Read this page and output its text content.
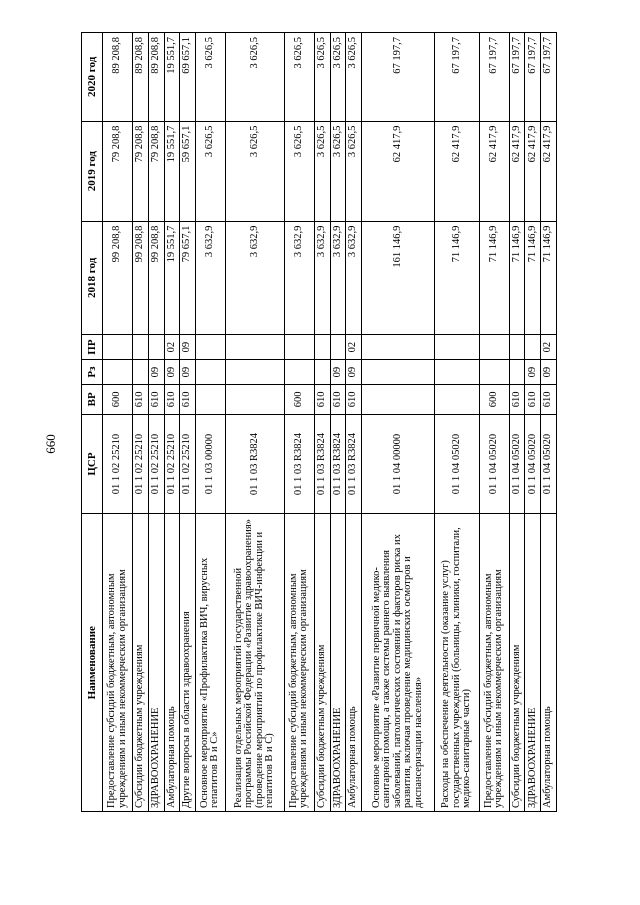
660
Наименование	ЦСР	ВР	Рз	ПР	2018 год	2019 год	2020 год
Предоставление субсидий бюджетным, автономным учреждениям и иным некоммерческим организациям	01 1 02 25210	600			99 208,8	79 208,8	89 208,8
Субсидии бюджетным учреждениям	01 1 02 25210	610			99 208,8	79 208,8	89 208,8
ЗДРАВООХРАНЕНИЕ	01 1 02 25210	610	09		99 208,8	79 208,8	89 208,8
Амбулаторная помощь	01 1 02 25210	610	09	02	19 551,7	19 551,7	19 551,7
Другие вопросы в области здравоохранения	01 1 02 25210	610	09	09	79 657,1	59 657,1	69 657,1
Основное мероприятие «Профилактика ВИЧ, вирусных гепатитов В и С»	01 1 03 00000				3 632,9	3 626,5	3 626,5
Реализация отдельных мероприятий государственной программы Российской Федерации «Развитие здравоохранения» (проведение мероприятий по профилактике ВИЧ-инфекции и гепатитов В и С)	01 1 03 R3824				3 632,9	3 626,5	3 626,5
Предоставление субсидий бюджетным, автономным учреждениям и иным некоммерческим организациям	01 1 03 R3824	600			3 632,9	3 626,5	3 626,5
Субсидии бюджетным учреждениям	01 1 03 R3824	610			3 632,9	3 626,5	3 626,5
ЗДРАВООХРАНЕНИЕ	01 1 03 R3824	610	09		3 632,9	3 626,5	3 626,5
Амбулаторная помощь	01 1 03 R3824	610	09	02	3 632,9	3 626,5	3 626,5
Основное мероприятие «Развитие первичной медико-санитарной помощи, а также системы раннего выявления заболеваний, патологических состояний и факторов риска их развития, включая проведение медицинских осмотров и диспансеризации населения»	01 1 04 00000				161 146,9	62 417,9	67 197,7
Расходы на обеспечение деятельности (оказание услуг) государственных учреждений (больницы, клиники, госпитали, медико-санитарные части)	01 1 04 05020				71 146,9	62 417,9	67 197,7
Предоставление субсидий бюджетным, автономным учреждениям и иным некоммерческим организациям	01 1 04 05020	600			71 146,9	62 417,9	67 197,7
Субсидии бюджетным учреждениям	01 1 04 05020	610			71 146,9	62 417,9	67 197,7
ЗДРАВООХРАНЕНИЕ	01 1 04 05020	610	09		71 146,9	62 417,9	67 197,7
Амбулаторная помощь	01 1 04 05020	610	09	02	71 146,9	62 417,9	67 197,7
